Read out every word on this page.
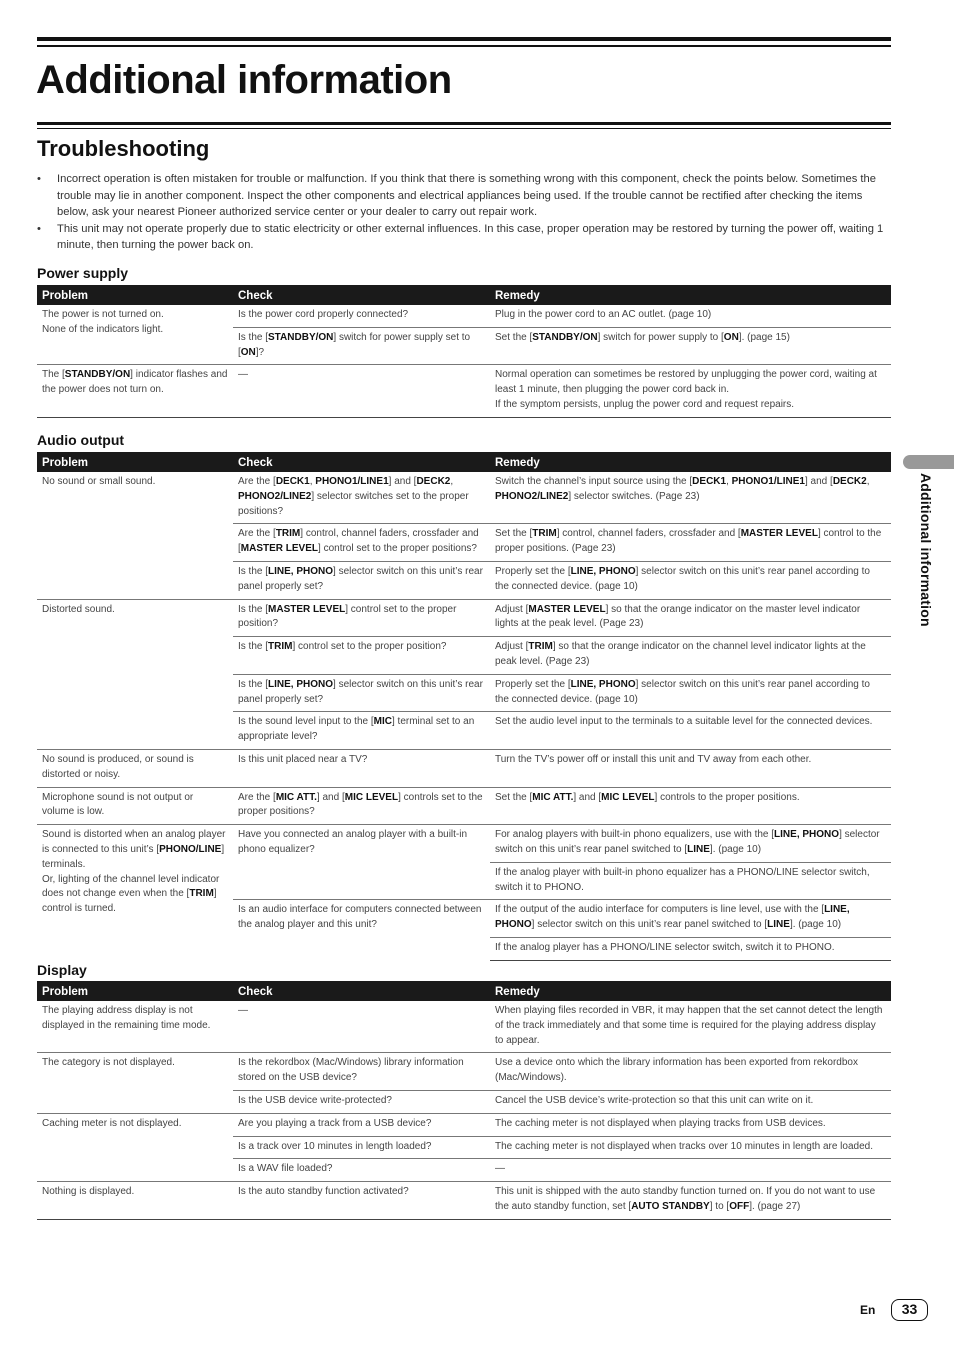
Additional information
Troubleshooting
• Incorrect operation is often mistaken for trouble or malfunction. If you think that there is something wrong with this component, check the points below. Sometimes the trouble may lie in another component. Inspect the other components and electrical appliances being used. If the trouble cannot be rectified after checking the items below, ask your nearest Pioneer authorized service center or your dealer to carry out repair work.
• This unit may not operate properly due to static electricity or other external influences. In this case, proper operation may be restored by turning the power off, waiting 1 minute, then turning the power back on.
Power supply
Problem	Check	Remedy
The power is not turned on.
None of the indicators light.	Is the power cord properly connected?	Plug in the power cord to an AC outlet. (page 10)
	Is the [STANDBY/ON] switch for power supply set to [ON]?	Set the [STANDBY/ON] switch for power supply to [ON]. (page 15)
The [STANDBY/ON] indicator flashes and the power does not turn on.	—	Normal operation can sometimes be restored by unplugging the power cord, waiting at least 1 minute, then plugging the power cord back in.
If the symptom persists, unplug the power cord and request repairs.
Audio output
Problem	Check	Remedy
No sound or small sound.	Are the [DECK1, PHONO1/LINE1] and [DECK2, PHONO2/LINE2] selector switches set to the proper positions?	Switch the channel’s input source using the [DECK1, PHONO1/LINE1] and [DECK2, PHONO2/LINE2] selector switches. (Page 23)
	Are the [TRIM] control, channel faders, crossfader and [MASTER LEVEL] control set to the proper positions?	Set the [TRIM] control, channel faders, crossfader and [MASTER LEVEL] control to the proper positions. (Page 23)
	Is the [LINE, PHONO] selector switch on this unit’s rear panel properly set?	Properly set the [LINE, PHONO] selector switch on this unit’s rear panel according to the connected device. (page 10)
Distorted sound.	Is the [MASTER LEVEL] control set to the proper position?	Adjust [MASTER LEVEL] so that the orange indicator on the master level indicator lights at the peak level. (Page 23)
	Is the [TRIM] control set to the proper position?	Adjust [TRIM] so that the orange indicator on the channel level indicator lights at the peak level. (Page 23)
	Is the [LINE, PHONO] selector switch on this unit’s rear panel properly set?	Properly set the [LINE, PHONO] selector switch on this unit’s rear panel according to the connected device. (page 10)
	Is the sound level input to the [MIC] terminal set to an appropriate level?	Set the audio level input to the terminals to a suitable level for the connected devices.
No sound is produced, or sound is distorted or noisy.	Is this unit placed near a TV?	Turn the TV’s power off or install this unit and TV away from each other.
Microphone sound is not output or volume is low.	Are the [MIC ATT.] and [MIC LEVEL] controls set to the proper positions?	Set the [MIC ATT.] and [MIC LEVEL] controls to the proper positions.
Sound is distorted when an analog player is connected to this unit’s [PHONO/LINE] terminals.
Or, lighting of the channel level indicator does not change even when the [TRIM] control is turned.	Have you connected an analog player with a built-in phono equalizer?	For analog players with built-in phono equalizers, use with the [LINE, PHONO] selector switch on this unit’s rear panel switched to [LINE]. (page 10)
		If the analog player with built-in phono equalizer has a PHONO/LINE selector switch, switch it to PHONO.
	Is an audio interface for computers connected between the analog player and this unit?	If the output of the audio interface for computers is line level, use with the [LINE, PHONO] selector switch on this unit’s rear panel switched to [LINE]. (page 10)
		If the analog player has a PHONO/LINE selector switch, switch it to PHONO.
Display
Problem	Check	Remedy
The playing address display is not displayed in the remaining time mode.	—	When playing files recorded in VBR, it may happen that the set cannot detect the length of the track immediately and that some time is required for the playing address display to appear.
The category is not displayed.	Is the rekordbox (Mac/Windows) library information stored on the USB device?	Use a device onto which the library information has been exported from rekordbox (Mac/Windows).
	Is the USB device write-protected?	Cancel the USB device’s write-protection so that this unit can write on it.
Caching meter is not displayed.	Are you playing a track from a USB device?	The caching meter is not displayed when playing tracks from USB devices.
	Is a track over 10 minutes in length loaded?	The caching meter is not displayed when tracks over 10 minutes in length are loaded.
	Is a WAV file loaded?	—
Nothing is displayed.	Is the auto standby function activated?	This unit is shipped with the auto standby function turned on. If you do not want to use the auto standby function, set [AUTO STANDBY] to [OFF]. (page 27)
Additional information
En	33
